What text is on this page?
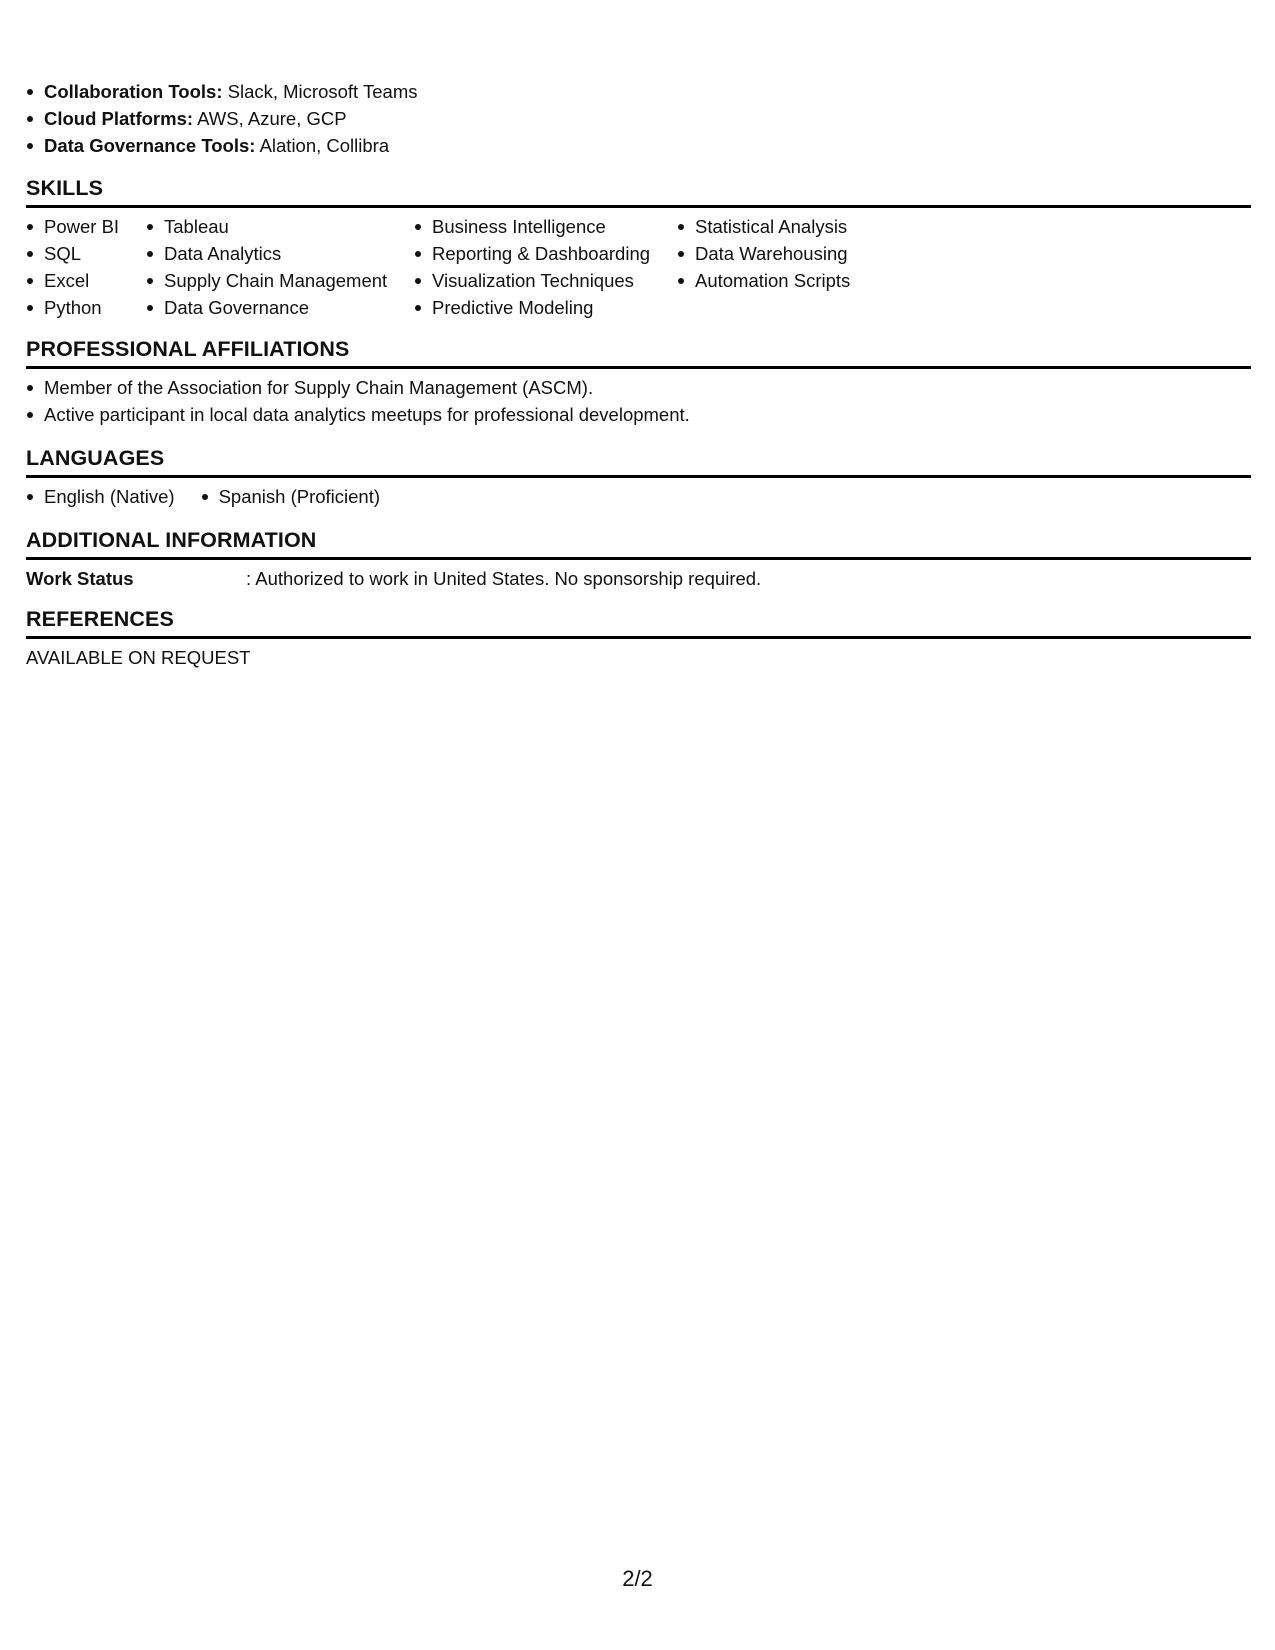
Collaboration Tools: Slack, Microsoft Teams
Cloud Platforms: AWS, Azure, GCP
Data Governance Tools: Alation, Collibra
SKILLS
Power BI
SQL
Excel
Python
Tableau
Data Analytics
Supply Chain Management
Data Governance
Business Intelligence
Reporting & Dashboarding
Visualization Techniques
Predictive Modeling
Statistical Analysis
Data Warehousing
Automation Scripts
PROFESSIONAL AFFILIATIONS
Member of the Association for Supply Chain Management (ASCM).
Active participant in local data analytics meetups for professional development.
LANGUAGES
English (Native)	Spanish (Proficient)
ADDITIONAL INFORMATION
Work Status	: Authorized to work in United States. No sponsorship required.
REFERENCES
AVAILABLE ON REQUEST
2/2
